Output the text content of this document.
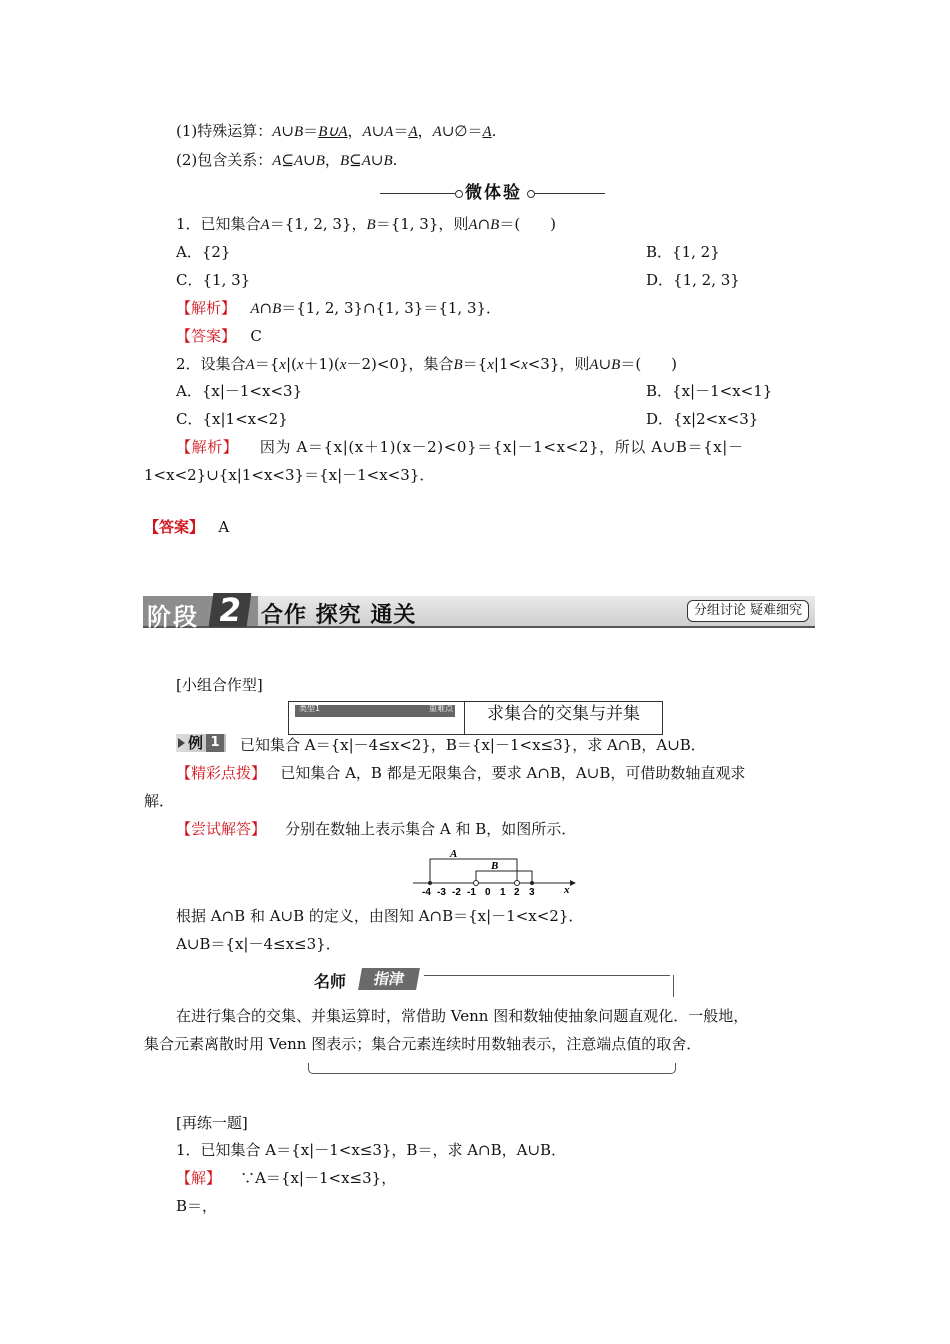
(1)特殊运算：A∪B＝B∪A，A∪A＝A，A∪∅＝A.
(2)包含关系：A⊆A∪B，B⊆A∪B.
微体验
1．已知集合A＝{1, 2, 3}，B＝{1, 3}，则A∩B＝(　　)
A．{2}	B．{1, 2}
C．{1, 3}	D．{1, 2, 3}
【解析】 A∩B＝{1, 2, 3}∩{1, 3}＝{1, 3}．
【答案】 C
2．设集合A＝{x|(x＋1)(x－2)<0}，集合B＝{x|1<x<3}，则A∪B＝(　　)
A．{x|－1<x<3}	B．{x|－1<x<1}
C．{x|1<x<2}	D．{x|2<x<3}
【解析】 因为 A＝{x|(x＋1)(x－2)<0}＝{x|－1<x<2}，所以 A∪B＝{x|－
1<x<2}∪{x|1<x<3}＝{x|－1<x<3}．
【答案】 A
阶段 2 合作 探究 通关	分组讨论 疑难细究
[小组合作型]
类型1	重难点	求集合的交集与并集
例 1 已知集合 A＝{x|－4≤x<2}，B＝{x|－1<x≤3}，求 A∩B，A∪B．
【精彩点拨】 已知集合 A，B 都是无限集合，要求 A∩B，A∪B，可借助数轴直观求
解．
【尝试解答】 分别在数轴上表示集合 A 和 B，如图所示．
A
B
x
-4 -3 -2 -1 0 1 2 3
根据 A∩B 和 A∪B 的定义，由图知 A∩B＝{x|－1<x<2}．
A∪B＝{x|－4≤x≤3}．
名师	指津
在进行集合的交集、并集运算时，常借助 Venn 图和数轴使抽象问题直观化．一般地，
集合元素离散时用 Venn 图表示；集合元素连续时用数轴表示，注意端点值的取舍．
[再练一题]
1．已知集合 A＝{x|－1<x≤3}，B＝，求 A∩B，A∪B．
【解】 ∵A＝{x|－1<x≤3}，
B＝，
